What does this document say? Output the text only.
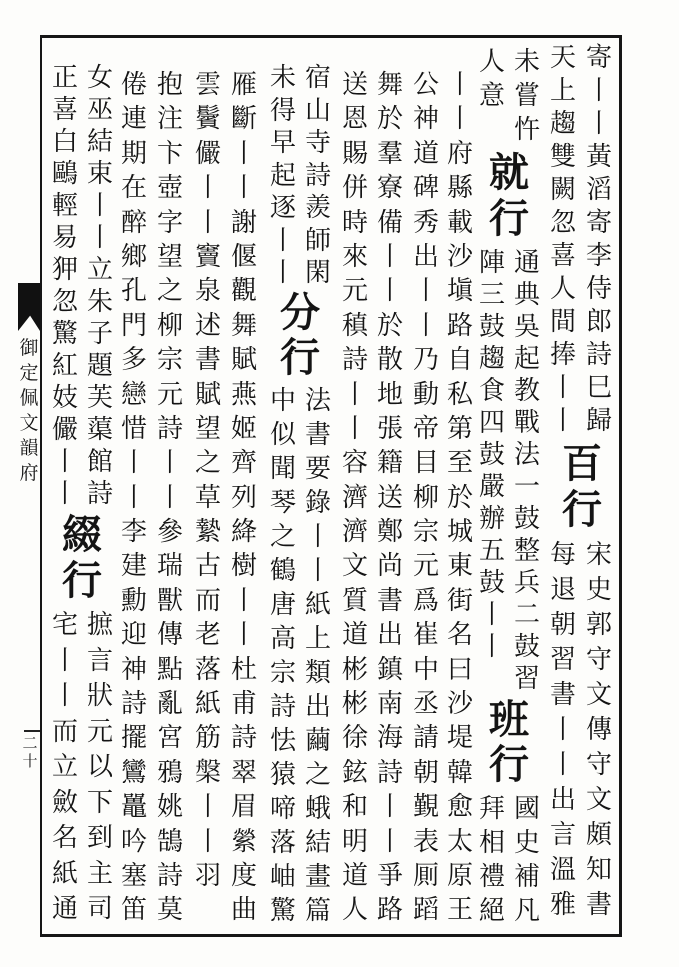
御
定
佩
文
韻
府
二
十
寄
丨
丨
黃
滔
寄
李
侍
郎
詩
巳
歸
天
上
趨
雙
闕
忽
喜
人
間
捧
丨
丨
百
行
宋
史
郭
守
文
傳
守
文
頗
知
書
每
退
朝
習
書
丨
丨
出
言
溫
雅
未
嘗
忤
人
意
就
行
通
典
吳
起
教
戰
法
一
鼓
整
兵
二
鼓
習
陣
三
鼓
趨
食
四
鼓
嚴
辦
五
鼓
丨
丨
班
行
國
史
補
凡
拜
相
禮
絕
丨
丨
府
縣
載
沙
塡
路
自
私
第
至
於
城
東
街
名
曰
沙
堤
韓
愈
太
原
王
公
神
道
碑
秀
出
丨
丨
乃
動
帝
目
柳
宗
元
爲
崔
中
丞
請
朝
覲
表
厠
蹈
舞
於
羣
寮
備
丨
丨
於
散
地
張
籍
送
鄭
尚
書
出
鎮
南
海
詩
丨
丨
爭
路
送
恩
賜
併
時
來
元
稹
詩
丨
丨
容
濟
濟
文
質
道
彬
彬
徐
鉉
和
明
道
人
宿
山
寺
詩
羨
師
閑
未
得
早
起
逐
丨
丨
分
行
法
書
要
錄
丨
丨
紙
上
類
出
繭
之
蛾
結
畫
篇
中
似
聞
琴
之
鶴
唐
高
宗
詩
怯
猿
啼
落
岫
驚
雁
斷
丨
丨
謝
偃
觀
舞
賦
燕
姬
齊
列
絳
樹
丨
丨
杜
甫
詩
翠
眉
縈
度
曲
雲
鬢
儼
丨
丨
竇
泉
述
書
賦
望
之
草
縶
古
而
老
落
紙
筋
槃
丨
丨
羽
抱
注
卞
壺
字
望
之
柳
宗
元
詩
丨
丨
參
瑞
獸
傳
點
亂
宮
鴉
姚
鵠
詩
莫
倦
連
期
在
醉
鄉
孔
門
多
戀
惜
丨
丨
李
建
勳
迎
神
詩
擺
鸞
鼉
吟
塞
笛
女
巫
結
束
丨
丨
立
朱
子
題
芙
蕖
館
詩
正
喜
白
鷗
輕
易
狎
忽
驚
紅
妓
儼
丨
丨
綴
行
摭
言
狀
元
以
下
到
主
司
宅
丨
丨
而
立
斂
名
紙
通
